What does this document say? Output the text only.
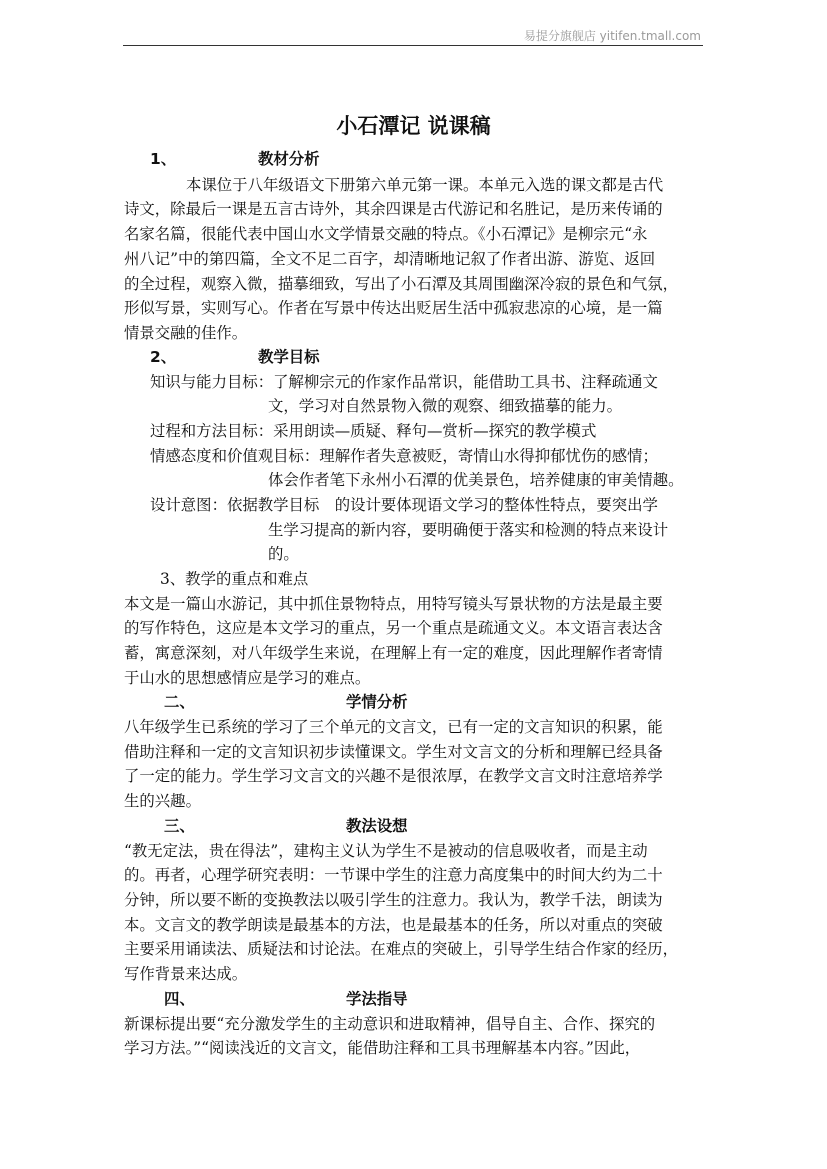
易提分旗舰店 yitifen.tmall.com
小石潭记 说课稿
1、	教材分析
本课位于八年级语文下册第六单元第一课。本单元入选的课文都是古代
诗文，除最后一课是五言古诗外，其余四课是古代游记和名胜记，是历来传诵的
名家名篇，很能代表中国山水文学情景交融的特点。《小石潭记》是柳宗元“永
州八记”中的第四篇，全文不足二百字，却清晰地记叙了作者出游、游览、返回
的全过程，观察入微，描摹细致，写出了小石潭及其周围幽深冷寂的景色和气氛，
形似写景，实则写心。作者在写景中传达出贬居生活中孤寂悲凉的心境，是一篇
情景交融的佳作。
2、	教学目标
知识与能力目标：了解柳宗元的作家作品常识，能借助工具书、注释疏通文
文，学习对自然景物入微的观察、细致描摹的能力。
过程和方法目标：采用朗读—质疑、释句—赏析—探究的教学模式
情感态度和价值观目标：理解作者失意被贬，寄情山水得抑郁忧伤的感情；
体会作者笔下永州小石潭的优美景色，培养健康的审美情趣。
设计意图：依据教学目标　的设计要体现语文学习的整体性特点，要突出学
生学习提高的新内容，要明确便于落实和检测的特点来设计
的。
3、教学的重点和难点
本文是一篇山水游记，其中抓住景物特点，用特写镜头写景状物的方法是最主要
的写作特色，这应是本文学习的重点，另一个重点是疏通文义。本文语言表达含
蓄，寓意深刻，对八年级学生来说，在理解上有一定的难度，因此理解作者寄情
于山水的思想感情应是学习的难点。
二、	学情分析
八年级学生已系统的学习了三个单元的文言文，已有一定的文言知识的积累，能
借助注释和一定的文言知识初步读懂课文。学生对文言文的分析和理解已经具备
了一定的能力。学生学习文言文的兴趣不是很浓厚，在教学文言文时注意培养学
生的兴趣。
三、	教法设想
“教无定法，贵在得法”，建构主义认为学生不是被动的信息吸收者，而是主动
的。再者，心理学研究表明：一节课中学生的注意力高度集中的时间大约为二十
分钟，所以要不断的变换教法以吸引学生的注意力。我认为，教学千法，朗读为
本。文言文的教学朗读是最基本的方法，也是最基本的任务，所以对重点的突破
主要采用诵读法、质疑法和讨论法。在难点的突破上，引导学生结合作家的经历，
写作背景来达成。
四、	学法指导
新课标提出要“充分激发学生的主动意识和进取精神，倡导自主、合作、探究的
学习方法。”“阅读浅近的文言文，能借助注释和工具书理解基本内容。”因此，
